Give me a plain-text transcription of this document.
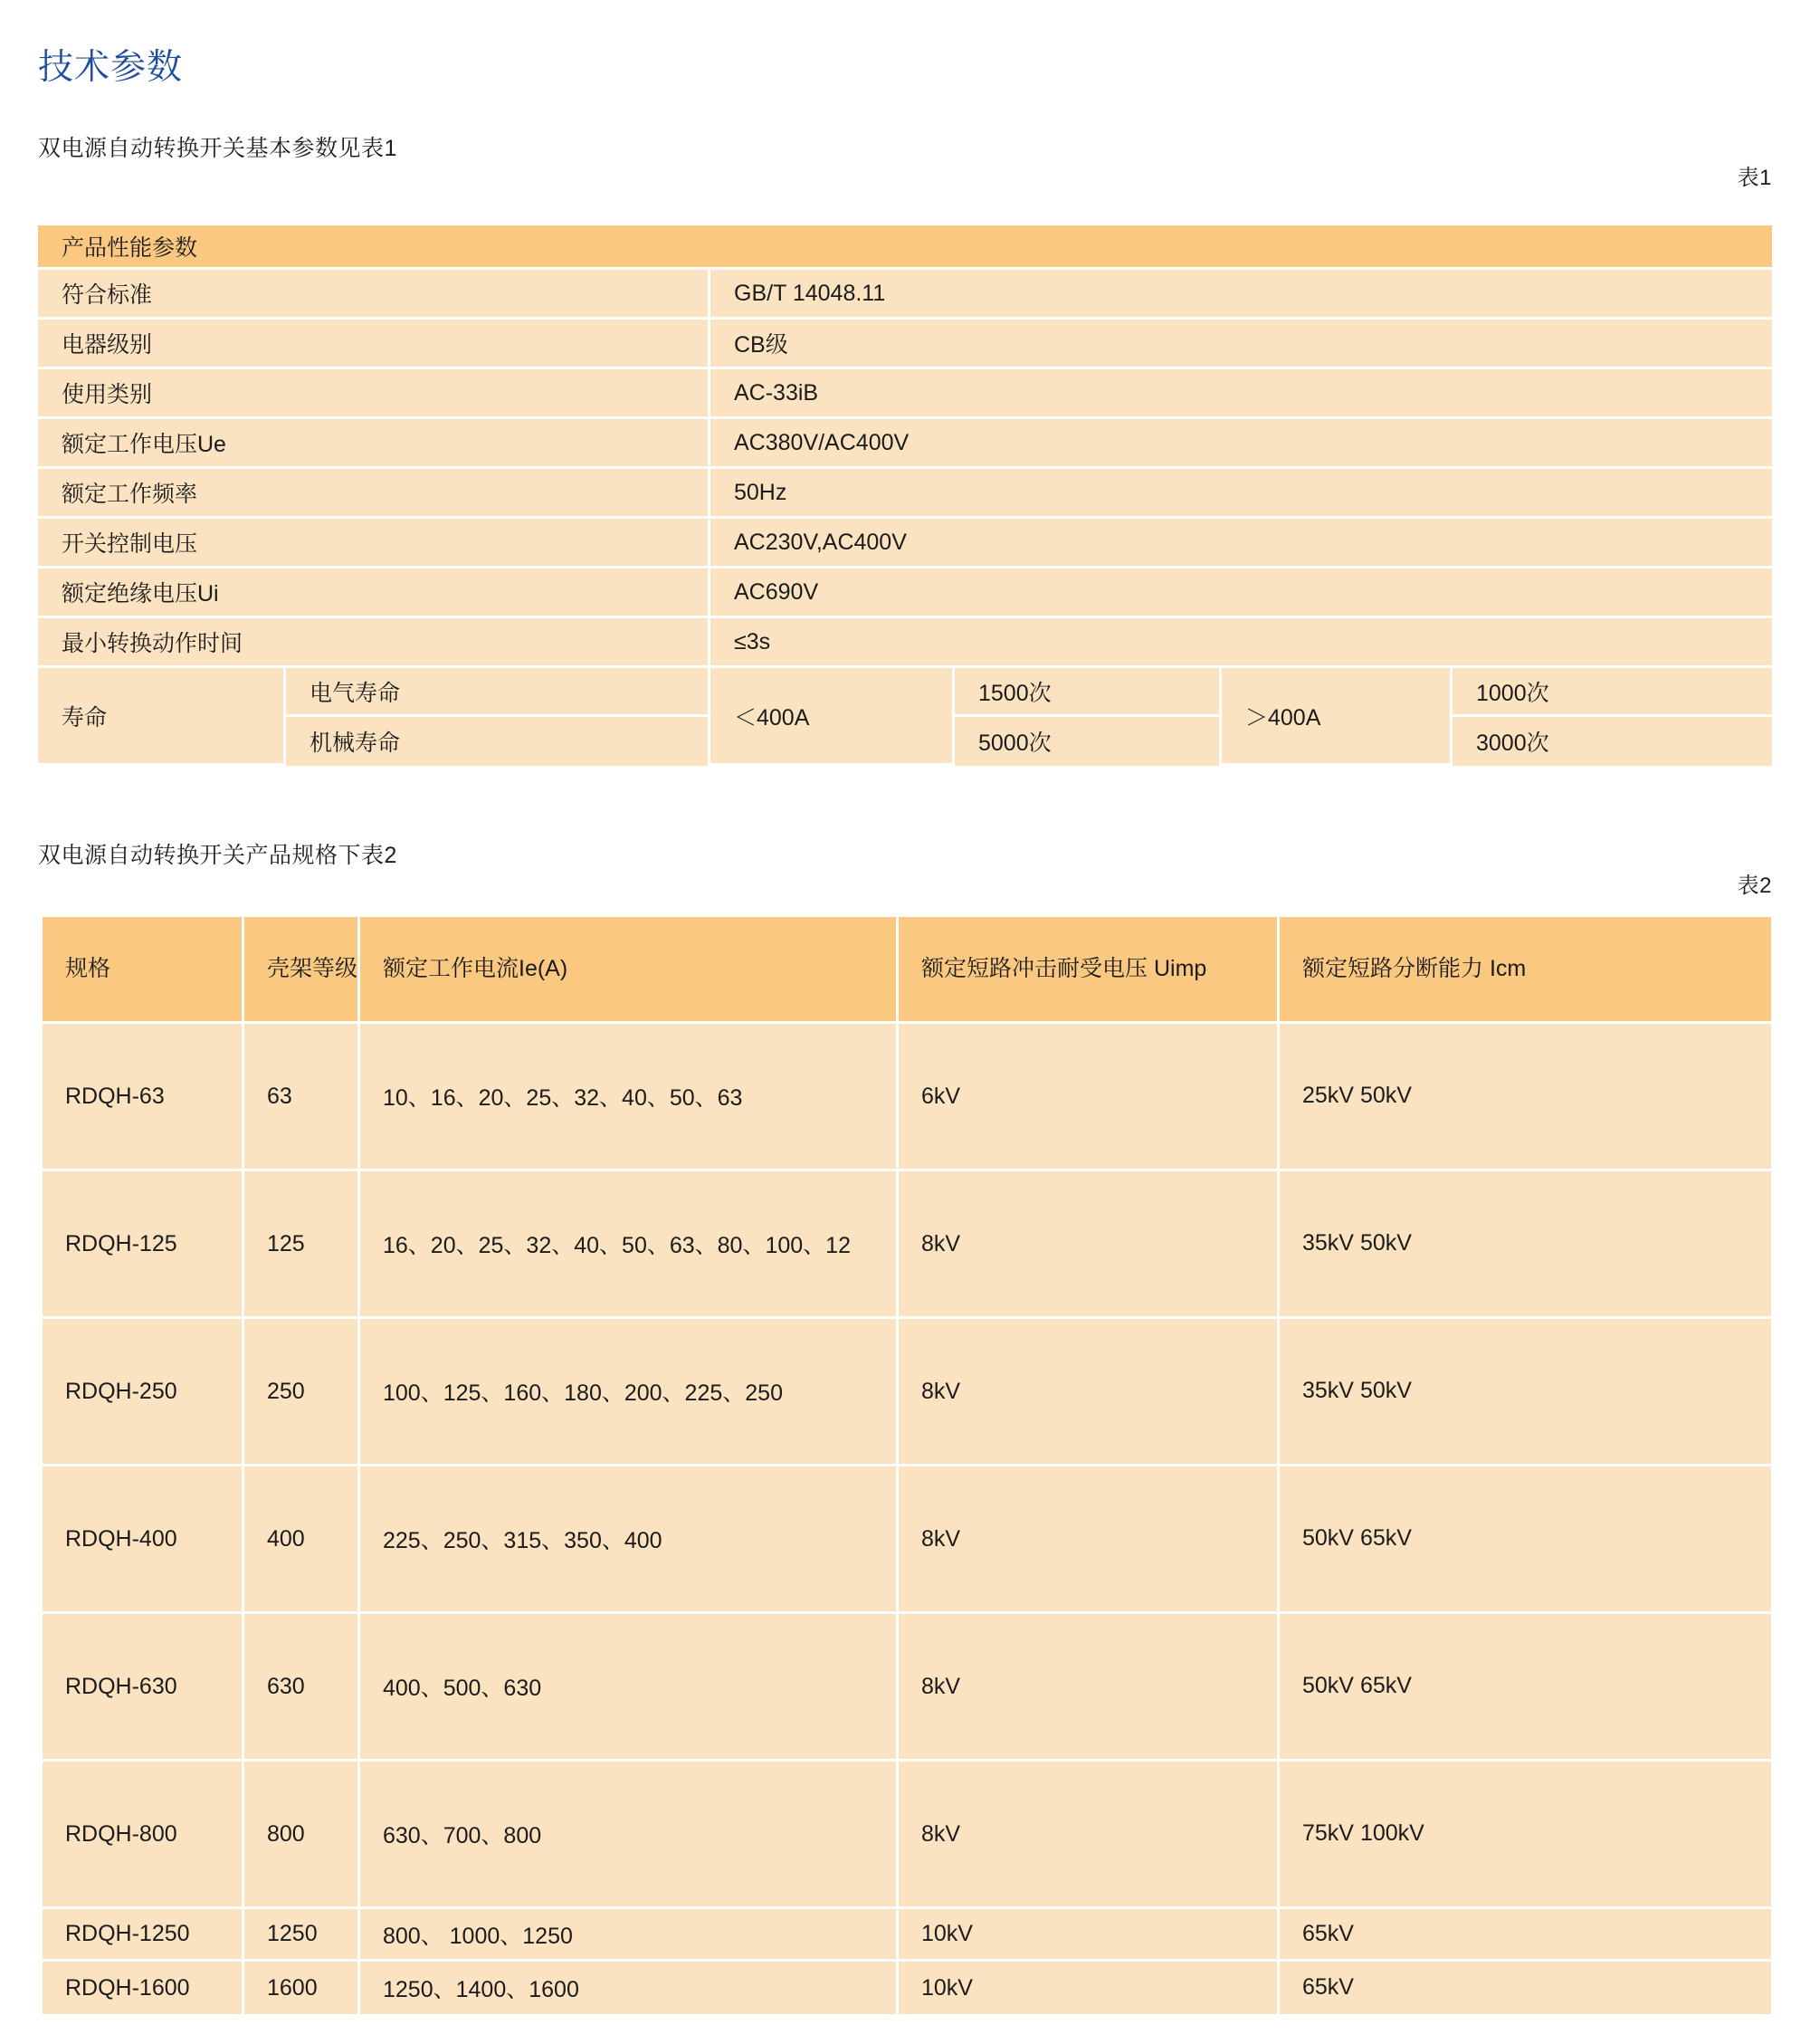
技术参数
双电源自动转换开关基本参数见表1
表1
产品性能参数					
符合标准		GB/T 14048.11			
电器级别		CB级			
使用类别		AC-33iB			
额定工作电压Ue		AC380V/AC400V			
额定工作频率		50Hz			
开关控制电压		AC230V,AC400V			
额定绝缘电压Ui		AC690V			
最小转换动作时间		≤3s			
寿命	电气寿命	＜400A	1500次	＞400A	1000次
	机械寿命		5000次		3000次
双电源自动转换开关产品规格下表2
表2
规格	壳架等级	额定工作电流Ie(A)	额定短路冲击耐受电压 Uimp	额定短路分断能力 Icm
RDQH-63	63	10、16、20、25、32、40、50、63	6kV	25kV 50kV
RDQH-125	125	16、20、25、32、40、50、63、80、100、12	8kV	35kV 50kV
RDQH-250	250	100、125、160、180、200、225、250	8kV	35kV 50kV
RDQH-400	400	225、250、315、350、400	8kV	50kV 65kV
RDQH-630	630	400、500、630	8kV	50kV 65kV
RDQH-800	800	630、700、800	8kV	75kV 100kV
RDQH-1250	1250	800、 1000、1250	10kV	65kV
RDQH-1600	1600	1250、1400、1600	10kV	65kV
